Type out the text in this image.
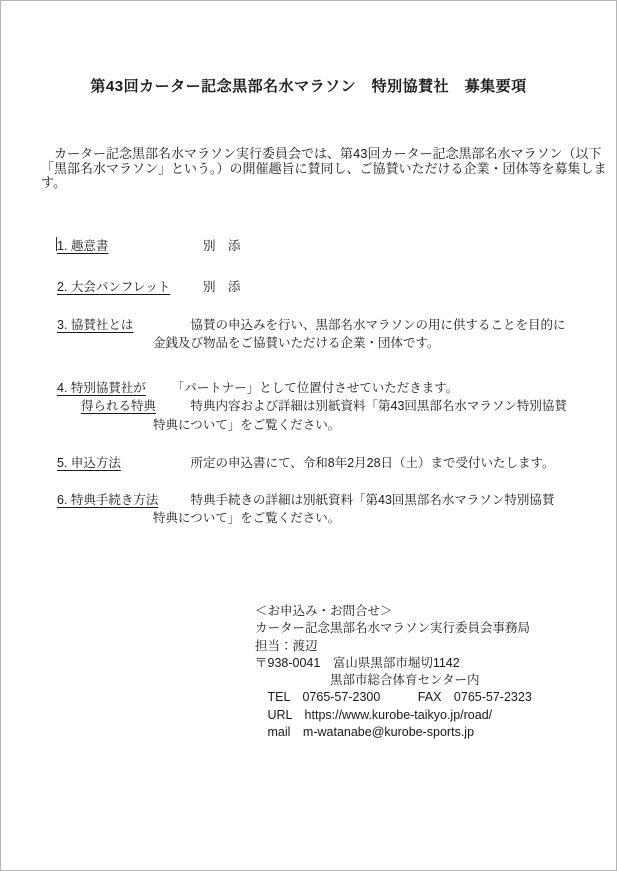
第43回カーター記念黒部名水マラソン　特別協賛社　募集要項
　カーター記念黒部名水マラソン実行委員会では、第43回カーター記念黒部名水マラソン（以下
「黒部名水マラソン」という。）の開催趣旨に賛同し、ご協賛いただける企業・団体等を募集しま
す。
1. 趣意書	　　　　別　添
2. 大会パンフレット
　　　　別　添
3. 協賛社とは 　　　協賛の申込みを行い、黒部名水マラソンの用に供することを目的に
金銭及び物品をご協賛いただける企業・団体です。
4. 特別協賛社が
得られる特典
　　「パートナー」として位置付させていただきます。
　　　特典内容および詳細は別紙資料「第43回黒部名水マラソン特別協賛
特典について」をご覧ください。
5. 申込方法	　　　所定の申込書にて、令和8年2月28日（土）まで受付いたします。
6. 特典手続き方法
　　　特典手続きの詳細は別紙資料「第43回黒部名水マラソン特別協賛
特典について」をご覧ください。
＜お申込み・お問合せ＞
カーター記念黒部名水マラソン実行委員会事務局
担当：渡辺
〒938-0041　富山県黒部市堀切1142
　　　　　　黒部市総合体育センター内
　TEL　0765-57-2300　　　FAX　0765-57-2323
　URL　https://www.kurobe-taikyo.jp/road/
　mail　m-watanabe@kurobe-sports.jp
